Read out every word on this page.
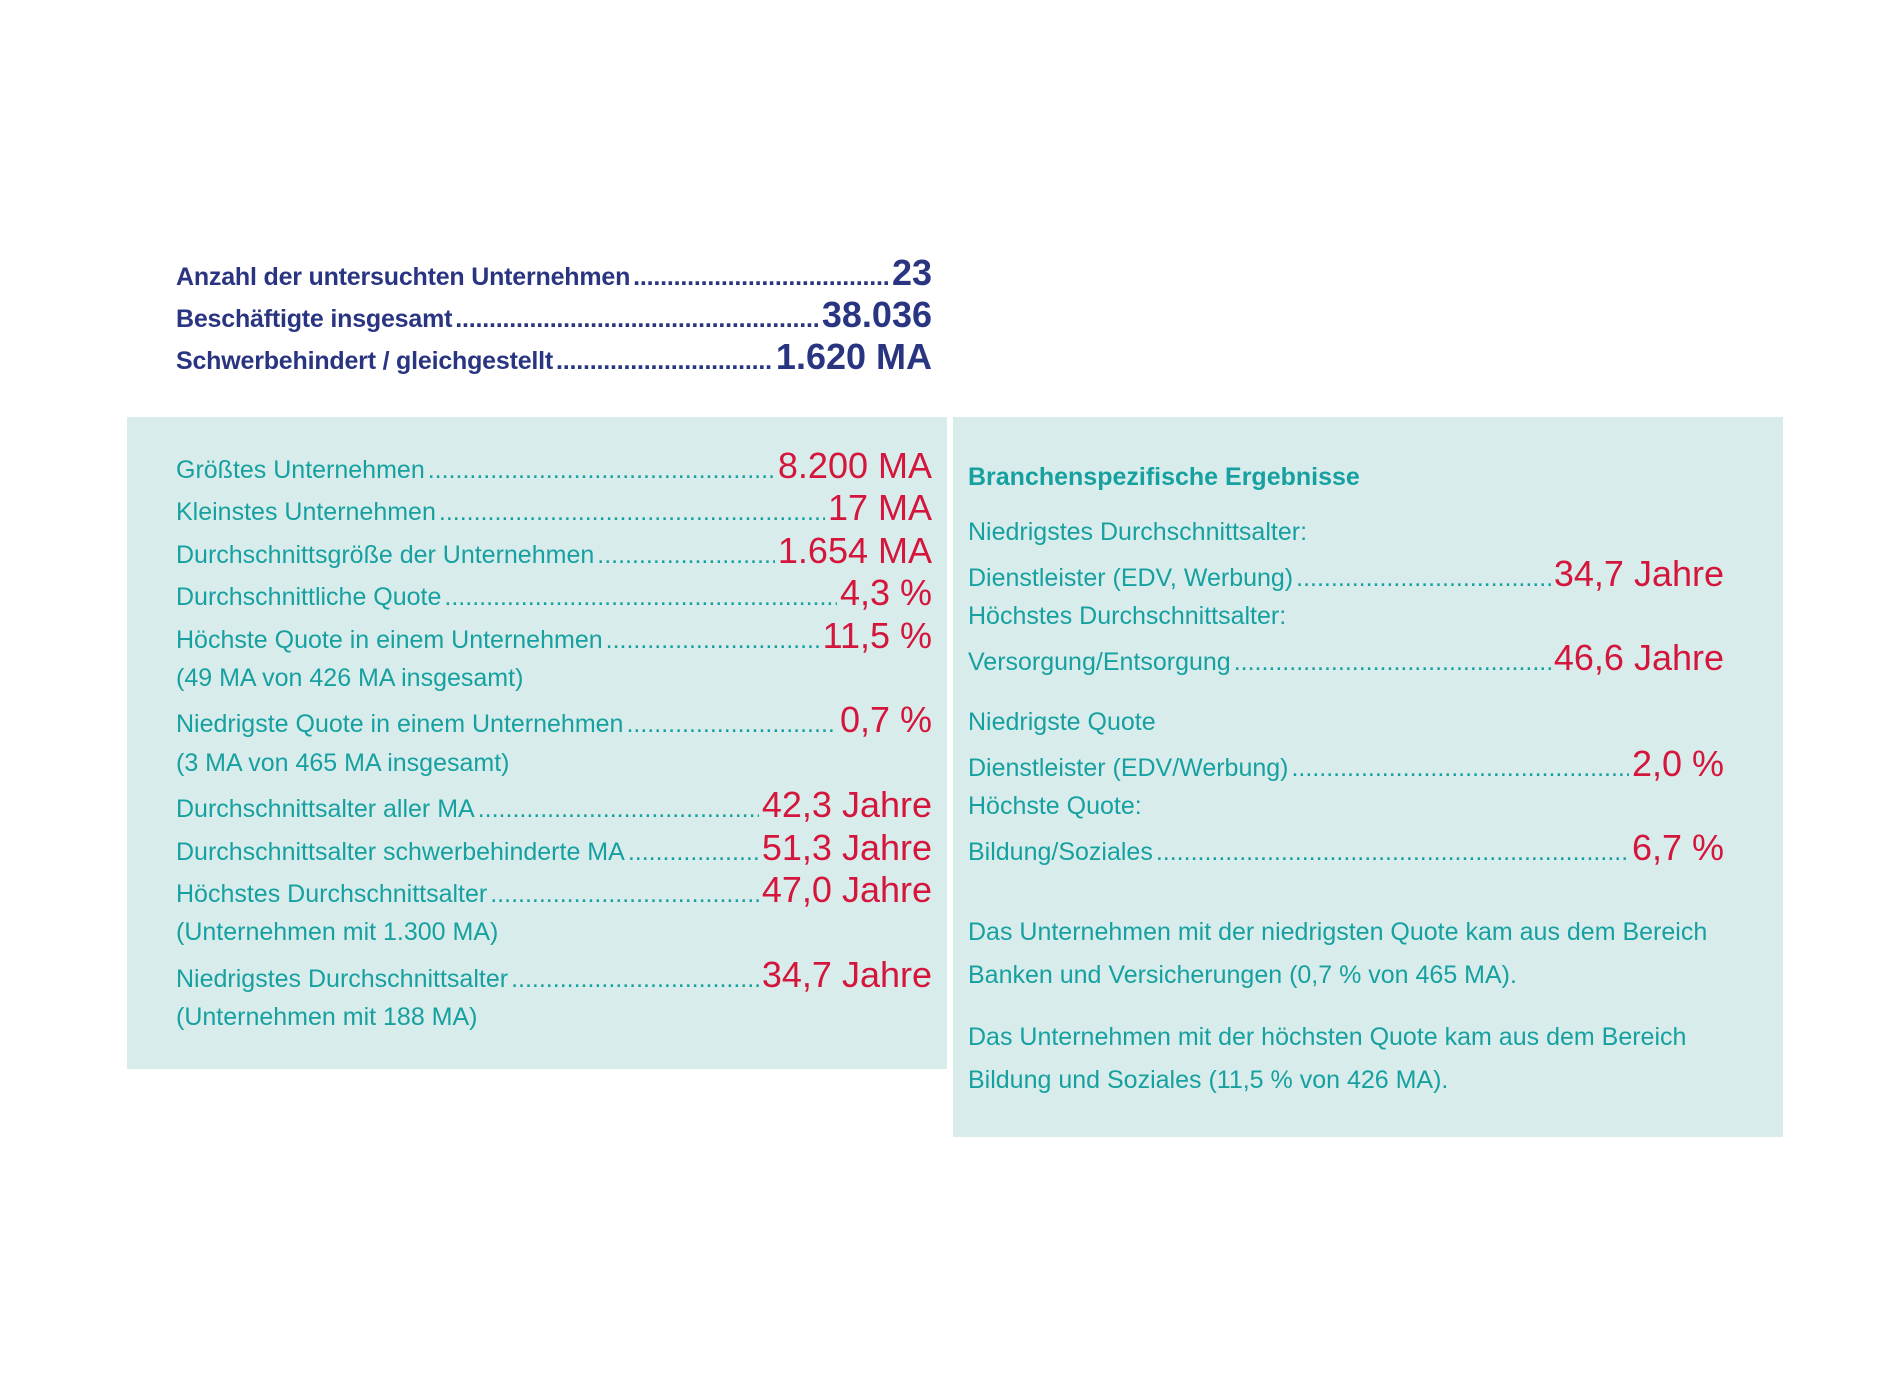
Anzahl der untersuchten Unternehmen .....	23
Beschäftigte insgesamt .....	38.036
Schwerbehindert / gleichgestellt .....	1.620 MA
Größtes Unternehmen .....	8.200 MA
Kleinstes Unternehmen .....	17 MA
Durchschnittsgröße der Unternehmen .....	1.654 MA
Durchschnittliche Quote .....	4,3 %
Höchste Quote in einem Unternehmen .....	11,5 %
(49 MA von 426 MA insgesamt)
Niedrigste Quote in einem Unternehmen .....	0,7 %
(3 MA von 465 MA insgesamt)
Durchschnittsalter aller MA .....	42,3 Jahre
Durchschnittsalter schwerbehinderte MA .....	51,3 Jahre
Höchstes Durchschnittsalter .....	47,0 Jahre
(Unternehmen mit 1.300 MA)
Niedrigstes Durchschnittsalter .....	34,7 Jahre
(Unternehmen mit 188 MA)
Branchenspezifische Ergebnisse
Niedrigstes Durchschnittsalter:
Dienstleister (EDV, Werbung) .....	34,7 Jahre
Höchstes Durchschnittsalter:
Versorgung/Entsorgung .....	46,6 Jahre
Niedrigste Quote
Dienstleister (EDV/Werbung) .....	2,0 %
Höchste Quote:
Bildung/Soziales .....	6,7 %
Das Unternehmen mit der niedrigsten Quote kam aus dem Bereich
Banken und Versicherungen (0,7 % von 465 MA).
Das Unternehmen mit der höchsten Quote kam aus dem Bereich
Bildung und Soziales (11,5 % von 426 MA).
